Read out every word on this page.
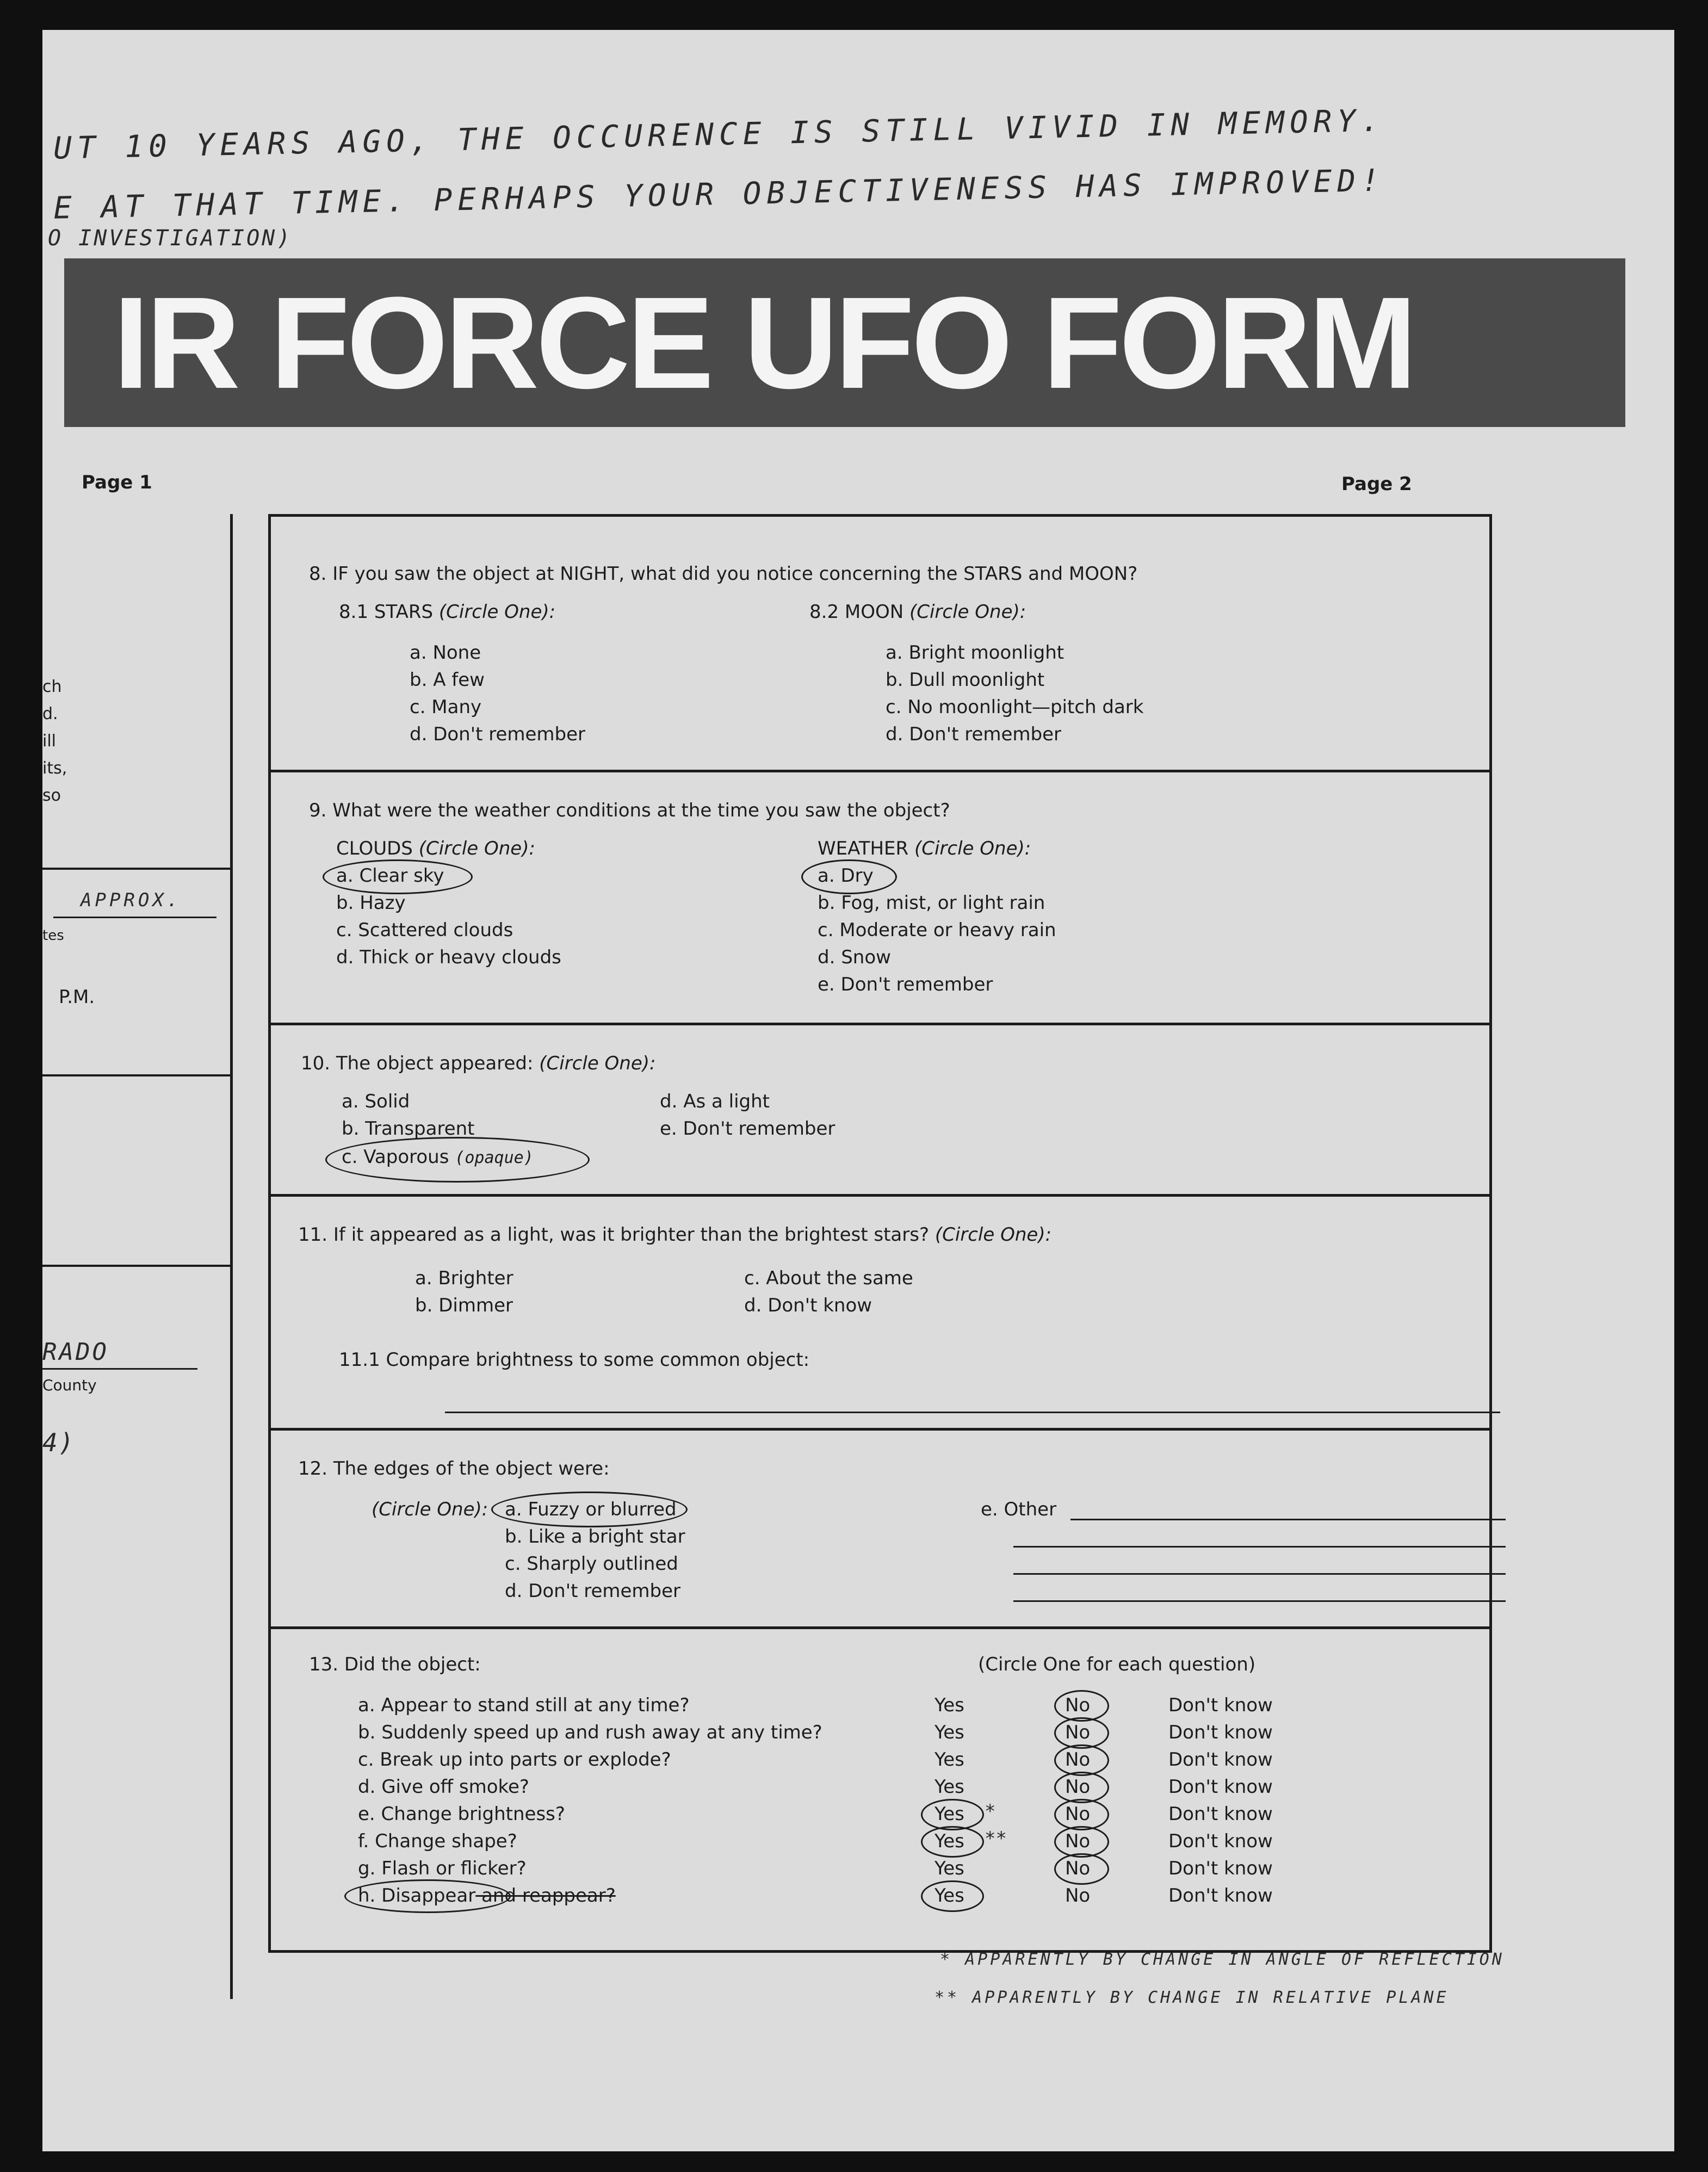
UT 10 YEARS AGO, THE OCCURENCE IS STILL VIVID IN MEMORY.
E AT THAT TIME. PERHAPS YOUR OBJECTIVENESS HAS IMPROVED!
O INVESTIGATION)
IR FORCE UFO FORM
Page 1	Page 2
ch
d.
ill
its,
so
APPROX.
tes
P.M.
RADO
County
4)
8. IF you saw the object at NIGHT, what did you notice concerning the STARS and MOON?
8.1 STARS (Circle One):
a. None
b. A few
c. Many
d. Don't remember
8.2 MOON (Circle One):
a. Bright moonlight
b. Dull moonlight
c. No moonlight—pitch dark
d. Don't remember
9. What were the weather conditions at the time you saw the object?
CLOUDS (Circle One):
a. Clear sky
b. Hazy
c. Scattered clouds
d. Thick or heavy clouds
WEATHER (Circle One):
a. Dry
b. Fog, mist, or light rain
c. Moderate or heavy rain
d. Snow
e. Don't remember
10. The object appeared: (Circle One):
a. Solid
b. Transparent
c. Vaporous (opaque)
d. As a light
e. Don't remember
11. If it appeared as a light, was it brighter than the brightest stars? (Circle One):
a. Brighter
b. Dimmer
c. About the same
d. Don't know
11.1 Compare brightness to some common object:
12. The edges of the object were:
(Circle One): a. Fuzzy or blurred
b. Like a bright star
c. Sharply outlined
d. Don't remember
e. Other
13. Did the object:	(Circle One for each question)
a. Appear to stand still at any time?	Yes	No	Don't know
b. Suddenly speed up and rush away at any time?	Yes	No	Don't know
c. Break up into parts or explode?	Yes	No	Don't know
d. Give off smoke?	Yes	No	Don't know
e. Change brightness?	Yes *	No	Don't know
f. Change shape?	Yes **	No	Don't know
g. Flash or flicker?	Yes	No	Don't know
h. Disappear and reappear?	Yes	No	Don't know
* APPARENTLY BY CHANGE IN ANGLE OF REFLECTION
** APPARENTLY BY CHANGE IN RELATIVE PLANE
